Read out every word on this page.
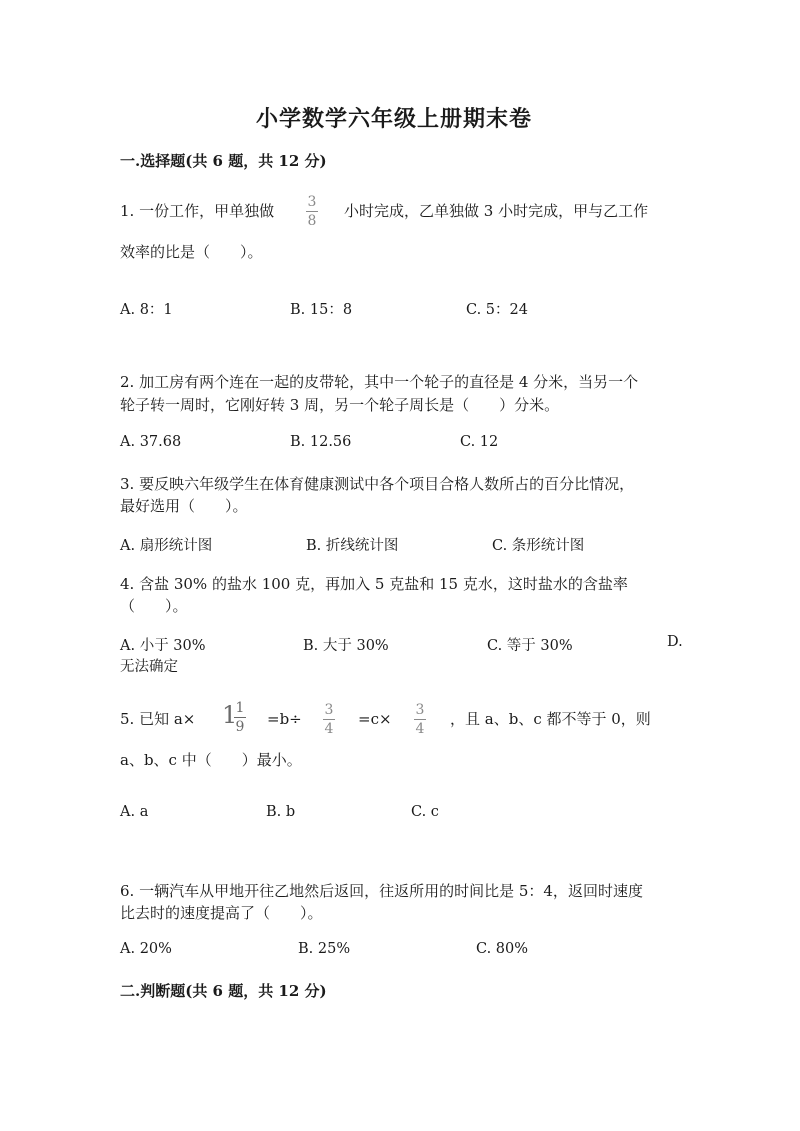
小学数学六年级上册期末卷
一.选择题(共 6 题，共 12 分)
1. 一份工作，甲单独做 3
8
小时完成，乙单独做 3 小时完成，甲与乙工作
效率的比是（　　）。
A. 8：1	B. 15：8	C. 5：24
2. 加工房有两个连在一起的皮带轮，其中一个轮子的直径是 4 分米，当另一个
轮子转一周时，它刚好转 3 周，另一个轮子周长是（　　）分米。
A. 37.68	B. 12.56	C. 12
3. 要反映六年级学生在体育健康测试中各个项目合格人数所占的百分比情况，
最好选用（　　）。
A. 扇形统计图	B. 折线统计图	C. 条形统计图
4. 含盐 30% 的盐水 100 克，再加入 5 克盐和 15 克水，这时盐水的含盐率
（　　）。
A. 小于 30%	B. 大于 30%	C. 等于 30%	D.
无法确定
5. 已知 a× 1
1
9 =b÷ 3
4
=c× 3
4
，且 a、b、c 都不等于 0，则
a、b、c 中（　　）最小。
A. a	B. b	C. c
6. 一辆汽车从甲地开往乙地然后返回，往返所用的时间比是 5：4，返回时速度
比去时的速度提高了（　　）。
A. 20%	B. 25%	C. 80%
二.判断题(共 6 题，共 12 分)
